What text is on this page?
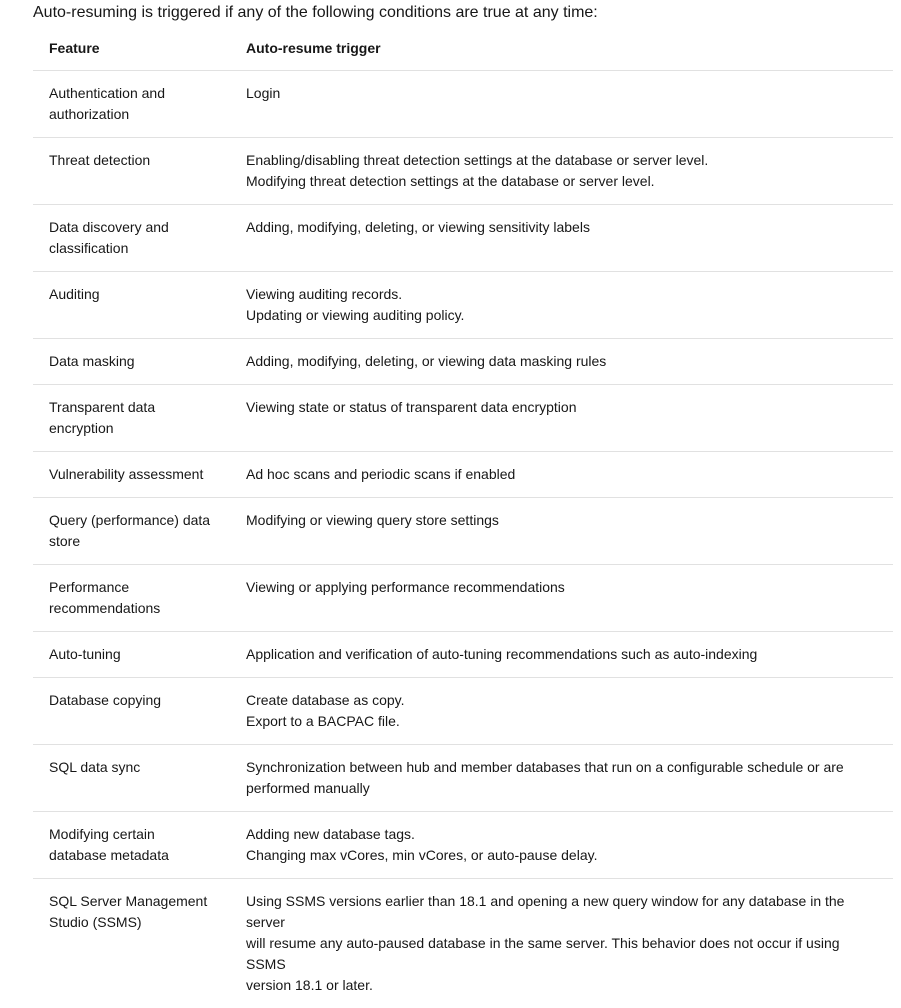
Auto-resuming is triggered if any of the following conditions are true at any time:

Feature	Auto-resume trigger
Authentication and
authorization	Login
Threat detection	Enabling/disabling threat detection settings at the database or server level.
Modifying threat detection settings at the database or server level.
Data discovery and
classification	Adding, modifying, deleting, or viewing sensitivity labels
Auditing	Viewing auditing records.
Updating or viewing auditing policy.
Data masking	Adding, modifying, deleting, or viewing data masking rules
Transparent data
encryption	Viewing state or status of transparent data encryption
Vulnerability assessment	Ad hoc scans and periodic scans if enabled
Query (performance) data
store	Modifying or viewing query store settings
Performance
recommendations	Viewing or applying performance recommendations
Auto-tuning	Application and verification of auto-tuning recommendations such as auto-indexing
Database copying	Create database as copy.
Export to a BACPAC file.
SQL data sync	Synchronization between hub and member databases that run on a configurable schedule or are
performed manually
Modifying certain
database metadata	Adding new database tags.
Changing max vCores, min vCores, or auto-pause delay.
SQL Server Management
Studio (SSMS)	Using SSMS versions earlier than 18.1 and opening a new query window for any database in the server
will resume any auto-paused database in the same server. This behavior does not occur if using SSMS
version 18.1 or later.
